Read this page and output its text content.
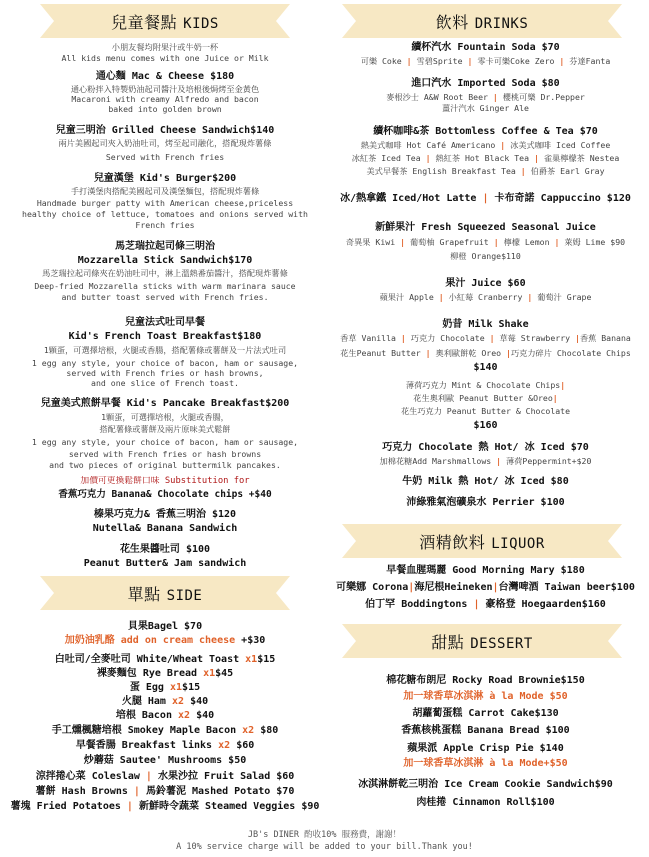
兒童餐點 KIDS
小朋友餐均附果汁或牛奶一杯
All kids menu comes with one Juice or Milk
通心麵 Mac & Cheese $180
通心粉拌入特製奶油起司醬汁及培根後焗烤至金黃色
Macaroni with creamy Alfredo and bacon
baked into golden brown
兒童三明治 Grilled Cheese Sandwich$140
兩片美國起司夾入奶油吐司，烤至起司融化，搭配現炸薯條
Served with French fries
兒童漢堡 Kid's Burger$200
手打漢堡肉搭配美國起司及漢堡麵包，搭配現炸薯條
Handmade burger patty with American cheese,priceless
healthy choice of lettuce, tomatoes and onions served with
French fries
馬芝瑞拉起司條三明治
Mozzarella Stick Sandwich$170
馬芝瑞拉起司條夾在奶油吐司中，淋上溫熱番茄醬汁，搭配現炸薯條
Deep-fried Mozzarella sticks with warm marinara sauce
and butter toast served with French fries.
兒童法式吐司早餐
Kid's French Toast Breakfast$180
1顆蛋，可選擇培根，火腿或香腸，搭配薯條或薯餅及一片法式吐司
1 egg any style, your choice of bacon, ham or sausage,
served with French fries or hash browns,
and one slice of French toast.
兒童美式煎餅早餐 Kid's Pancake Breakfast$200
1顆蛋，可選擇培根，火腿或香腸，
搭配薯條或薯餅及兩片原味美式鬆餅
1 egg any style, your choice of bacon, ham or sausage,
served with French fries or hash browns
and two pieces of original buttermilk pancakes.
加價可更換鬆餅口味 Substitution for
香蕉巧克力 Banana& Chocolate chips +$40
榛果巧克力& 香蕉三明治 $120
Nutella& Banana Sandwich
花生果醬吐司 $100
Peanut Butter& Jam sandwich
單點 SIDE
貝果Bagel $70
加奶油乳酪 add on cream cheese +$30
白吐司/全麥吐司 White/Wheat Toast x1$15
裸麥麵包 Rye Bread x1$45
蛋 Egg x1$15
火腿 Ham x2 $40
培根 Bacon x2 $40
手工燻楓糖培根 Smokey Maple Bacon x2 $80
早餐香腸 Breakfast links x2 $60
炒蘑菇 Sautee' Mushrooms $50
涼拌捲心菜 Coleslaw | 水果沙拉 Fruit Salad $60
薯餅 Hash Browns | 馬鈴薯泥 Mashed Potato $70
薯塊 Fried Potatoes | 新鮮時令蔬菜 Steamed Veggies $90
飲料 DRINKS
續杯汽水 Fountain Soda $70
可樂 Coke | 雪碧Sprite | 零卡可樂Coke Zero | 芬達Fanta
進口汽水 Imported Soda $80
麥根沙士 A&W Root Beer | 櫻桃可樂 Dr.Pepper
薑汁汽水 Ginger Ale
續杯咖啡&茶 Bottomless Coffee & Tea $70
熱美式咖啡 Hot Café Americano | 冰美式咖啡 Iced Coffee
冰紅茶 Iced Tea | 熱紅茶 Hot Black Tea | 雀巢檸檬茶 Nestea
美式早餐茶 English Breakfast Tea | 伯爵茶 Earl Gray
冰/熱拿鐵 Iced/Hot Latte | 卡布奇諾 Cappuccino $120
新鮮果汁 Fresh Squeezed Seasonal Juice
奇異果 Kiwi | 葡萄柚 Grapefruit | 檸檬 Lemon | 萊姆 Lime $90
柳橙 Orange$110
果汁 Juice $60
蘋果汁 Apple | 小紅莓 Cranberry | 葡萄汁 Grape
奶昔 Milk Shake
香草 Vanilla | 巧克力 Chocolate | 草莓 Strawberry |香蕉 Banana
花生Peanut Butter | 奧利歐餅乾 Oreo |巧克力碎片 Chocolate Chips
$140
薄荷巧克力 Mint & Chocolate Chips|
花生奧利歐 Peanut Butter &Oreo|
花生巧克力 Peanut Butter & Chocolate
$160
巧克力 Chocolate 熱 Hot/ 冰 Iced $70
加棉花糖Add Marshmallows | 薄荷Peppermint+$20
牛奶 Milk 熱 Hot/ 冰 Iced $80
沛綠雅氣泡礦泉水 Perrier $100
酒精飲料 LIQUOR
早餐血腥瑪麗 Good Morning Mary $180
可樂娜 Corona|海尼根Heineken|台灣啤酒 Taiwan beer$100
伯丁罕 Boddingtons | 豪格登 Hoegaarden$160
甜點 DESSERT
棉花糖布朗尼 Rocky Road Brownie$150
加一球香草冰淇淋 à la Mode $50
胡蘿蔔蛋糕 Carrot Cake$130
香蕉核桃蛋糕 Banana Bread $100
蘋果派 Apple Crisp Pie $140
加一球香草冰淇淋 à la Mode+$50
冰淇淋餅乾三明治 Ice Cream Cookie Sandwich$90
肉桂捲 Cinnamon Roll$100
JB's DINER 酌收10% 服務費，謝謝！
A 10% service charge will be added to your bill.Thank you!
